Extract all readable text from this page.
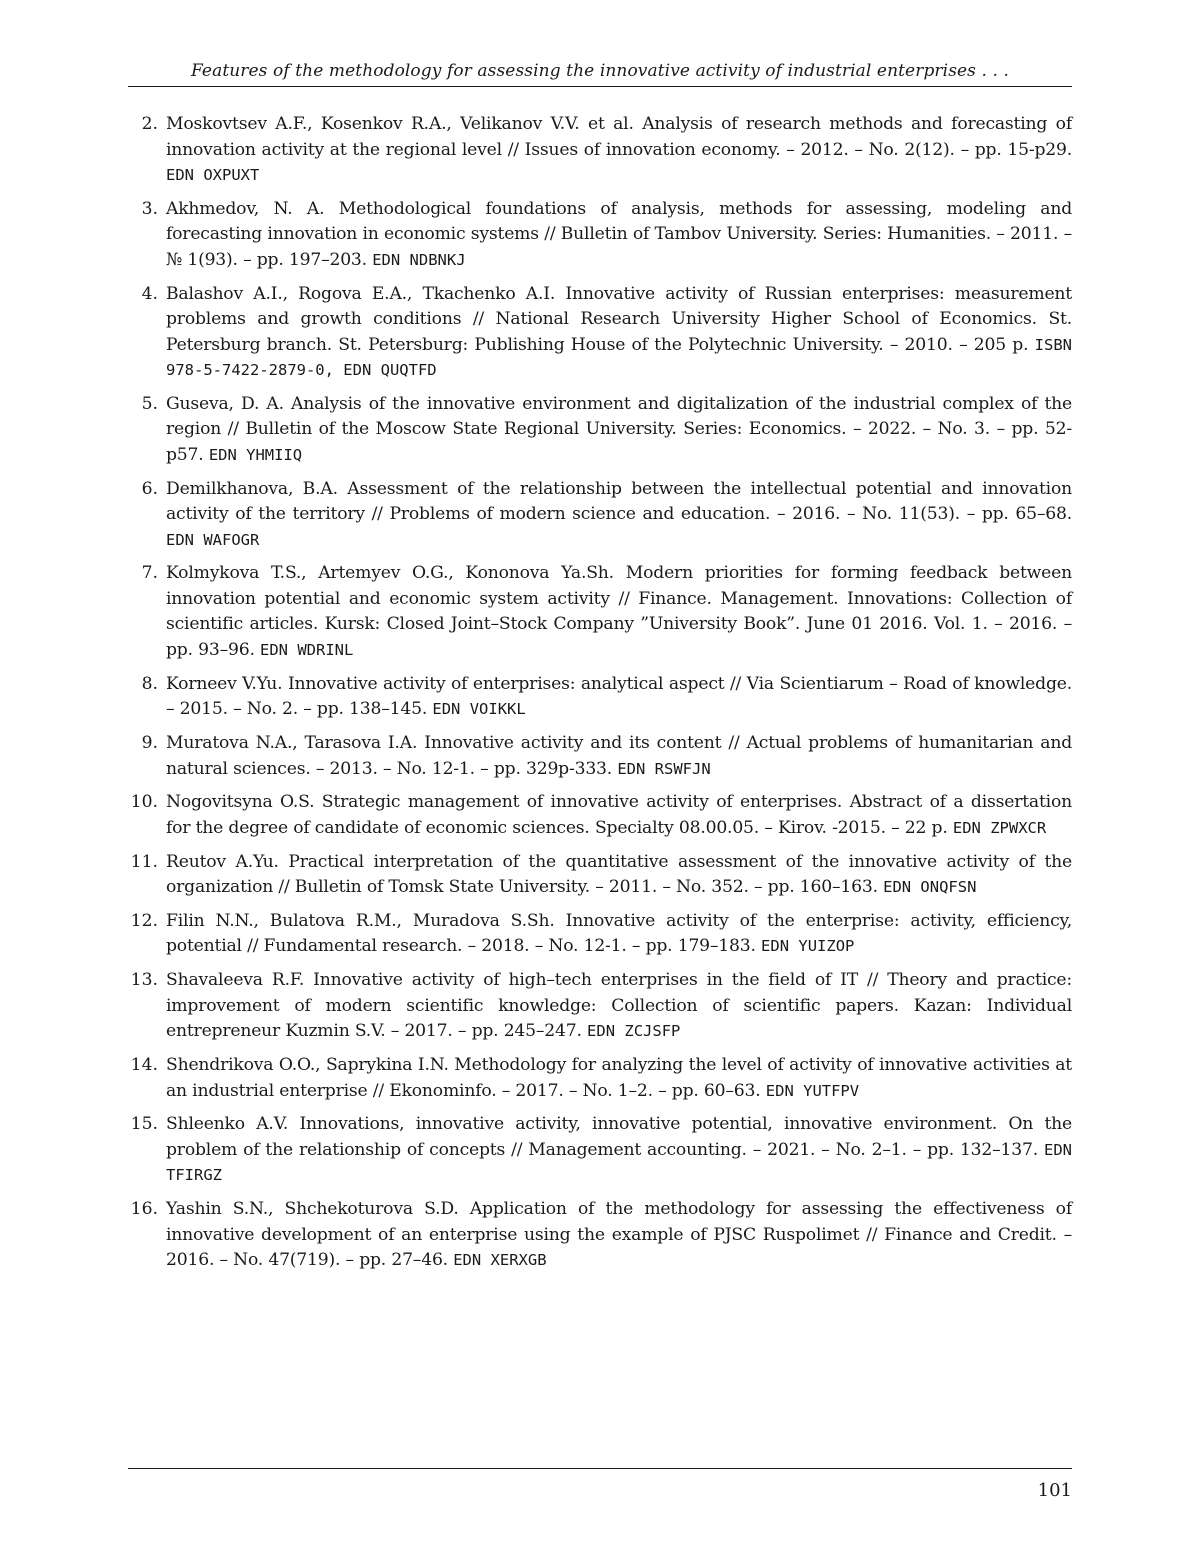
Features of the methodology for assessing the innovative activity of industrial enterprises . . .
2. Moskovtsev A.F., Kosenkov R.A., Velikanov V.V. et al. Analysis of research methods and forecasting of innovation activity at the regional level // Issues of innovation economy. – 2012. – No. 2(12). – pp. 15-p29. EDN OXPUXT
3. Akhmedov, N. A. Methodological foundations of analysis, methods for assessing, modeling and forecasting innovation in economic systems // Bulletin of Tambov University. Series: Humanities. – 2011. – № 1(93). – pp. 197–203. EDN NDBNKJ
4. Balashov A.I., Rogova E.A., Tkachenko A.I. Innovative activity of Russian enterprises: measurement problems and growth conditions // National Research University Higher School of Economics. St. Petersburg branch. St. Petersburg: Publishing House of the Polytechnic University. – 2010. – 205 p. ISBN 978-5-7422-2879-0, EDN QUQTFD
5. Guseva, D. A. Analysis of the innovative environment and digitalization of the industrial complex of the region // Bulletin of the Moscow State Regional University. Series: Economics. – 2022. – No. 3. – pp. 52-p57. EDN YHMIIQ
6. Demilkhanova, B.A. Assessment of the relationship between the intellectual potential and innovation activity of the territory // Problems of modern science and education. – 2016. – No. 11(53). – pp. 65–68. EDN WAFOGR
7. Kolmykova T.S., Artemyev O.G., Kononova Ya.Sh. Modern priorities for forming feedback between innovation potential and economic system activity // Finance. Management. Innovations: Collection of scientific articles. Kursk: Closed Joint–Stock Company ”University Book”. June 01 2016. Vol. 1. – 2016. – pp. 93–96. EDN WDRINL
8. Korneev V.Yu. Innovative activity of enterprises: analytical aspect // Via Scientiarum – Road of knowledge. – 2015. – No. 2. – pp. 138–145. EDN VOIKKL
9. Muratova N.A., Tarasova I.A. Innovative activity and its content // Actual problems of humanitarian and natural sciences. – 2013. – No. 12-1. – pp. 329p-333. EDN RSWFJN
10. Nogovitsyna O.S. Strategic management of innovative activity of enterprises. Abstract of a dissertation for the degree of candidate of economic sciences. Specialty 08.00.05. – Kirov. -2015. – 22 p. EDN ZPWXCR
11. Reutov A.Yu. Practical interpretation of the quantitative assessment of the innovative activity of the organization // Bulletin of Tomsk State University. – 2011. – No. 352. – pp. 160–163. EDN ONQFSN
12. Filin N.N., Bulatova R.M., Muradova S.Sh. Innovative activity of the enterprise: activity, efficiency, potential // Fundamental research. – 2018. – No. 12-1. – pp. 179–183. EDN YUIZOP
13. Shavaleeva R.F. Innovative activity of high–tech enterprises in the field of IT // Theory and practice: improvement of modern scientific knowledge: Collection of scientific papers. Kazan: Individual entrepreneur Kuzmin S.V. – 2017. – pp. 245–247. EDN ZCJSFP
14. Shendrikova O.O., Saprykina I.N. Methodology for analyzing the level of activity of innovative activities at an industrial enterprise // Ekonominfo. – 2017. – No. 1–2. – pp. 60–63. EDN YUTFPV
15. Shleenko A.V. Innovations, innovative activity, innovative potential, innovative environment. On the problem of the relationship of concepts // Management accounting. – 2021. – No. 2–1. – pp. 132–137. EDN TFIRGZ
16. Yashin S.N., Shchekoturova S.D. Application of the methodology for assessing the effectiveness of innovative development of an enterprise using the example of PJSC Ruspolimet // Finance and Credit. – 2016. – No. 47(719). – pp. 27–46. EDN XERXGB
101
